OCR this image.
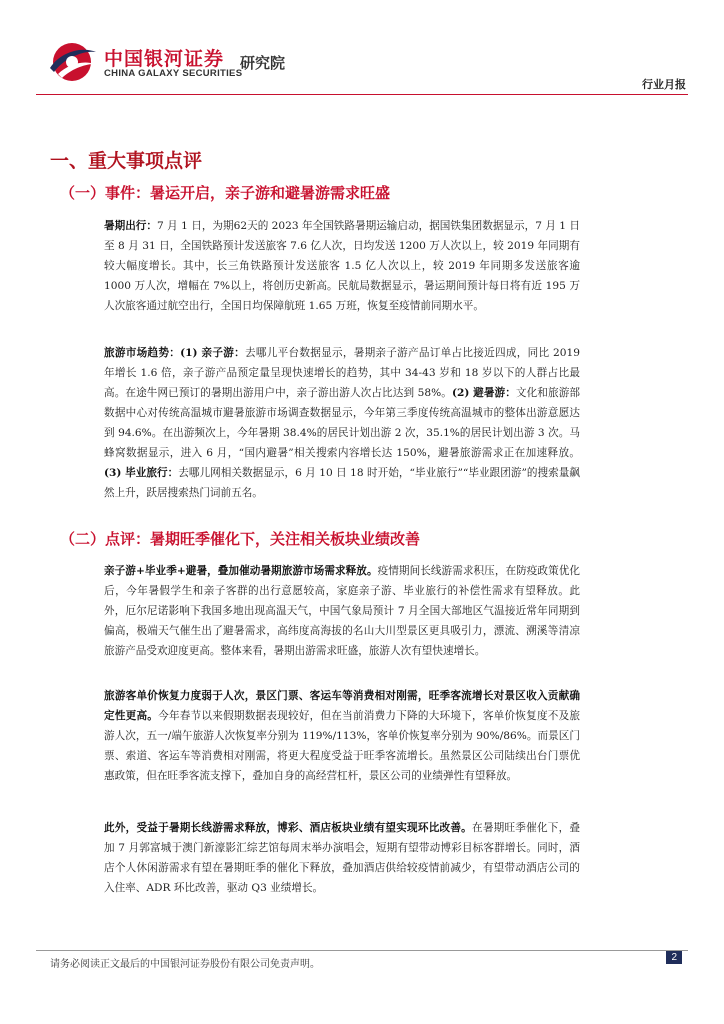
中国银河证券
CHINA GALAXY SECURITIES
研究院
行业月报
一、重大事项点评
（一）事件：暑运开启，亲子游和避暑游需求旺盛
暑期出行：7 月 1 日，为期62天的 2023 年全国铁路暑期运输启动，据国铁集团数据显示，7 月 1 日至 8 月 31 日，全国铁路预计发送旅客 7.6 亿人次，日均发送 1200 万人次以上，较 2019 年同期有较大幅度增长。其中，长三角铁路预计发送旅客 1.5 亿人次以上，较 2019 年同期多发送旅客逾 1000 万人次，增幅在 7%以上，将创历史新高。民航局数据显示，暑运期间预计每日将有近 195 万人次旅客通过航空出行，全国日均保障航班 1.65 万班，恢复至疫情前同期水平。
旅游市场趋势：(1) 亲子游：去哪儿平台数据显示，暑期亲子游产品订单占比接近四成，同比 2019 年增长 1.6 倍，亲子游产品预定量呈现快速增长的趋势，其中 34-43 岁和 18 岁以下的人群占比最高。在途牛网已预订的暑期出游用户中，亲子游出游人次占比达到 58%。(2) 避暑游：文化和旅游部数据中心对传统高温城市避暑旅游市场调查数据显示，今年第三季度传统高温城市的整体出游意愿达到 94.6%。在出游频次上，今年暑期 38.4%的居民计划出游 2 次，35.1%的居民计划出游 3 次。马蜂窝数据显示，进入 6 月，“国内避暑”相关搜索内容增长达 150%，避暑旅游需求正在加速释放。(3) 毕业旅行：去哪儿网相关数据显示，6 月 10 日 18 时开始，“毕业旅行”“毕业跟团游”的搜索量飙然上升，跃居搜索热门词前五名。
（二）点评：暑期旺季催化下，关注相关板块业绩改善
亲子游+毕业季+避暑，叠加催动暑期旅游市场需求释放。疫情期间长线游需求积压，在防疫政策优化后，今年暑假学生和亲子客群的出行意愿较高，家庭亲子游、毕业旅行的补偿性需求有望释放。此外，厄尔尼诺影响下我国多地出现高温天气，中国气象局预计 7 月全国大部地区气温接近常年同期到偏高，极端天气催生出了避暑需求，高纬度高海拔的名山大川型景区更具吸引力，漂流、溯溪等清凉旅游产品受欢迎度更高。整体来看，暑期出游需求旺盛，旅游人次有望快速增长。
旅游客单价恢复力度弱于人次，景区门票、客运车等消费相对刚需，旺季客流增长对景区收入贡献确定性更高。今年春节以来假期数据表现较好，但在当前消费力下降的大环境下，客单价恢复度不及旅游人次，五一/端午旅游人次恢复率分别为 119%/113%，客单价恢复率分别为 90%/86%。而景区门票、索道、客运车等消费相对刚需，将更大程度受益于旺季客流增长。虽然景区公司陆续出台门票优惠政策，但在旺季客流支撑下，叠加自身的高经营杠杆，景区公司的业绩弹性有望释放。
此外，受益于暑期长线游需求释放，博彩、酒店板块业绩有望实现环比改善。在暑期旺季催化下，叠加 7 月郭富城于澳门新濠影汇综艺馆每周末举办演唱会，短期有望带动博彩目标客群增长。同时，酒店个人休闲游需求有望在暑期旺季的催化下释放，叠加酒店供给较疫情前减少，有望带动酒店公司的入住率、ADR 环比改善，驱动 Q3 业绩增长。
请务必阅读正文最后的中国银河证券股份有限公司免责声明。
2
